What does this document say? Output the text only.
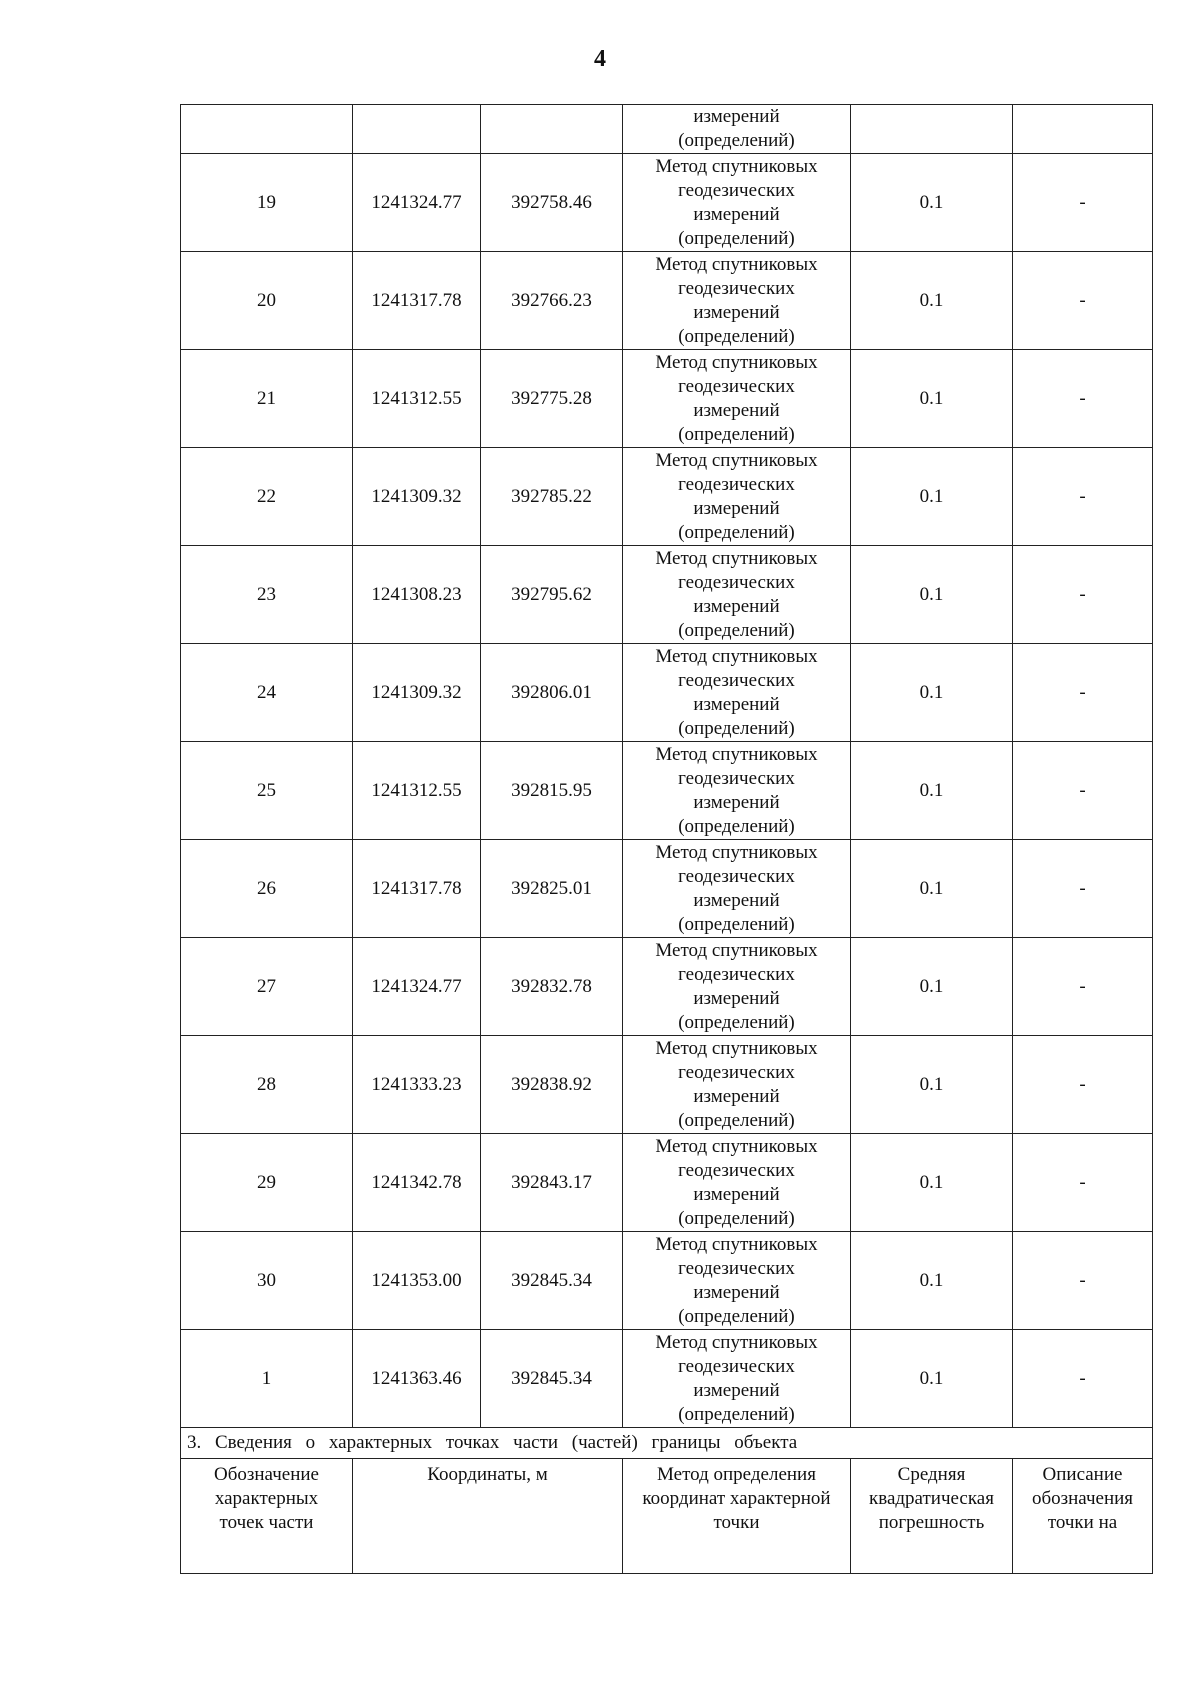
4
			измерений
(определений)		
19	1241324.77	392758.46	Метод спутниковых
геодезических
измерений
(определений)	0.1	-
20	1241317.78	392766.23	Метод спутниковых
геодезических
измерений
(определений)	0.1	-
21	1241312.55	392775.28	Метод спутниковых
геодезических
измерений
(определений)	0.1	-
22	1241309.32	392785.22	Метод спутниковых
геодезических
измерений
(определений)	0.1	-
23	1241308.23	392795.62	Метод спутниковых
геодезических
измерений
(определений)	0.1	-
24	1241309.32	392806.01	Метод спутниковых
геодезических
измерений
(определений)	0.1	-
25	1241312.55	392815.95	Метод спутниковых
геодезических
измерений
(определений)	0.1	-
26	1241317.78	392825.01	Метод спутниковых
геодезических
измерений
(определений)	0.1	-
27	1241324.77	392832.78	Метод спутниковых
геодезических
измерений
(определений)	0.1	-
28	1241333.23	392838.92	Метод спутниковых
геодезических
измерений
(определений)	0.1	-
29	1241342.78	392843.17	Метод спутниковых
геодезических
измерений
(определений)	0.1	-
30	1241353.00	392845.34	Метод спутниковых
геодезических
измерений
(определений)	0.1	-
1	1241363.46	392845.34	Метод спутниковых
геодезических
измерений
(определений)	0.1	-
3. Сведения о характерных точках части (частей) границы объекта					
Обозначение
характерных
точек части	Координаты, м		Метод определения
координат характерной
точки	Средняя
квадратическая
погрешность	Описание
обозначения
точки на
